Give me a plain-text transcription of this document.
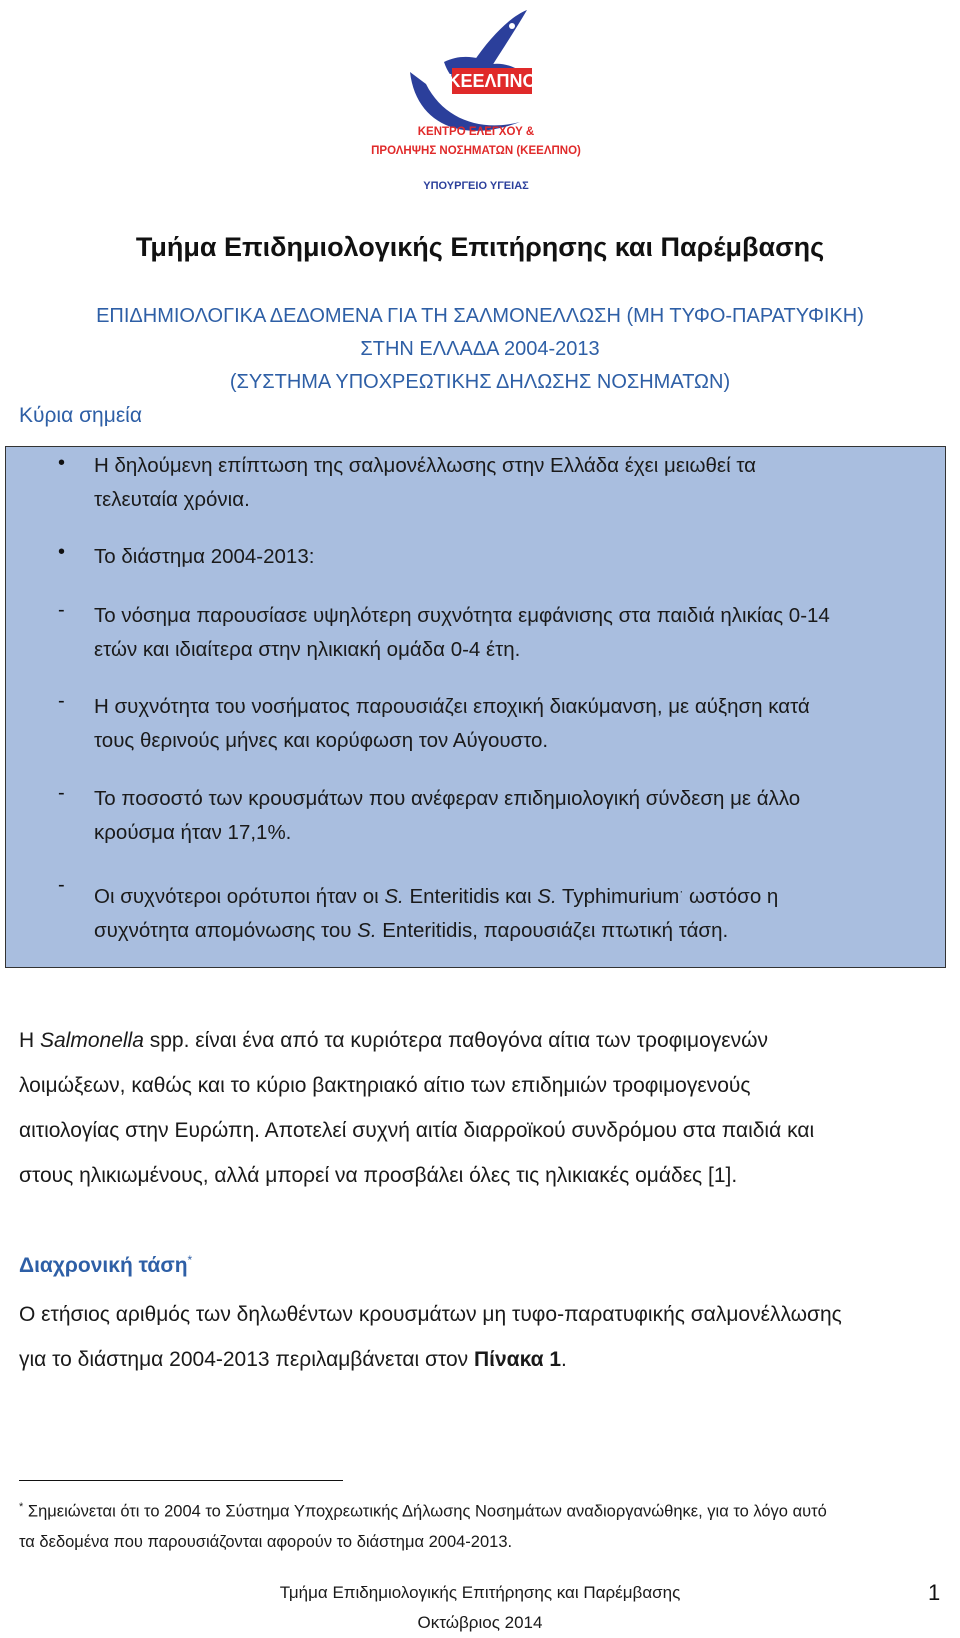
ΚΕΕΛΠΝΟ
ΚΕΝΤΡΟ ΕΛΕΓΧΟΥ &
ΠΡΟΛΗΨΗΣ ΝΟΣΗΜΑΤΩΝ (ΚΕΕΛΠΝΟ)
ΥΠΟΥΡΓΕΙΟ ΥΓΕΙΑΣ
Τμήμα Επιδημιολογικής Επιτήρησης και Παρέμβασης
ΕΠΙΔΗΜΙΟΛΟΓΙΚΑ ΔΕΔΟΜΕΝΑ ΓΙΑ ΤΗ ΣΑΛΜΟΝΕΛΛΩΣΗ (ΜΗ ΤΥΦΟ-ΠΑΡΑΤΥΦΙΚΗ)
ΣΤΗΝ ΕΛΛΑΔΑ 2004-2013
(ΣΥΣΤΗΜΑ ΥΠΟΧΡΕΩΤΙΚΗΣ ΔΗΛΩΣΗΣ ΝΟΣΗΜΑΤΩΝ)
Κύρια σημεία
• Η δηλούμενη επίπτωση της σαλμονέλλωσης στην Ελλάδα έχει μειωθεί τα
τελευταία χρόνια.
• Το διάστημα 2004-2013:
- Το νόσημα παρουσίασε υψηλότερη συχνότητα εμφάνισης στα παιδιά ηλικίας 0-14
ετών και ιδιαίτερα στην ηλικιακή ομάδα 0-4 έτη.
- Η συχνότητα του νοσήματος παρουσιάζει εποχική διακύμανση, με αύξηση κατά
τους θερινούς μήνες και κορύφωση τον Αύγουστο.
- Το ποσοστό των κρουσμάτων που ανέφεραν επιδημιολογική σύνδεση με άλλο
κρούσμα ήταν 17,1%.
- Οι συχνότεροι ορότυποι ήταν οι S. Enteritidis και S. Typhimurium· ωστόσο η
συχνότητα απομόνωσης του S. Enteritidis, παρουσιάζει πτωτική τάση.
Η Salmonella spp. είναι ένα από τα κυριότερα παθογόνα αίτια των τροφιμογενών
λοιμώξεων, καθώς και το κύριο βακτηριακό αίτιο των επιδημιών τροφιμογενούς
αιτιολογίας στην Ευρώπη. Αποτελεί συχνή αιτία διαρροϊκού συνδρόμου στα παιδιά και
στους ηλικιωμένους, αλλά μπορεί να προσβάλει όλες τις ηλικιακές ομάδες [1].
Διαχρονική τάση*
Ο ετήσιος αριθμός των δηλωθέντων κρουσμάτων μη τυφο-παρατυφικής σαλμονέλλωσης
για το διάστημα 2004-2013 περιλαμβάνεται στον Πίνακα 1.
* Σημειώνεται ότι το 2004 το Σύστημα Υποχρεωτικής Δήλωσης Νοσημάτων αναδιοργανώθηκε, για το λόγο αυτό
τα δεδομένα που παρουσιάζονται αφορούν το διάστημα 2004-2013.
Τμήμα Επιδημιολογικής Επιτήρησης και Παρέμβασης
Οκτώβριος 2014
1
